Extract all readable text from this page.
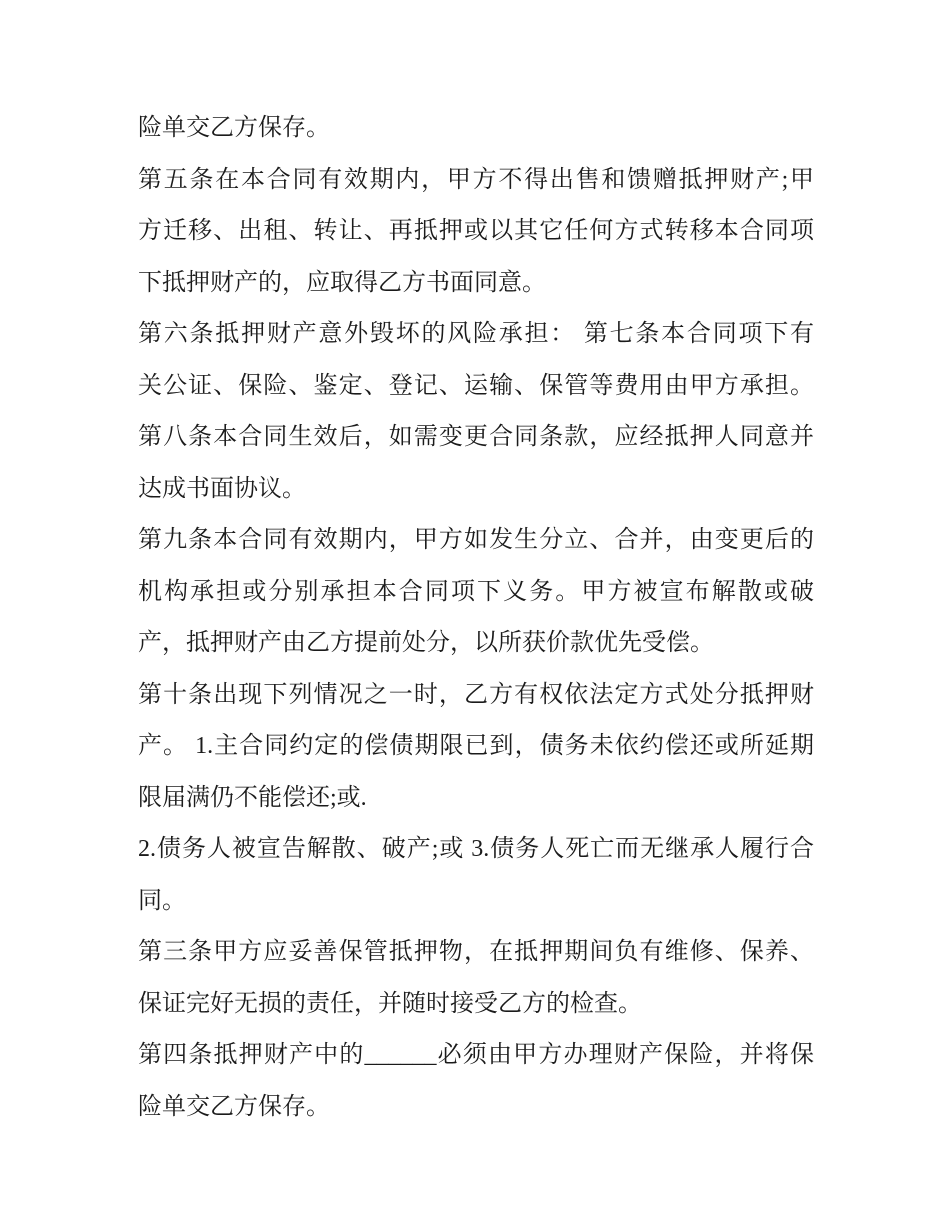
险单交乙方保存。
第五条在本合同有效期内，甲方不得出售和馈赠抵押财产;甲
方迁移、出租、转让、再抵押或以其它任何方式转移本合同项
下抵押财产的，应取得乙方书面同意。
第六条抵押财产意外毁坏的风险承担： 第七条本合同项下有
关公证、保险、鉴定、登记、运输、保管等费用由甲方承担。
第八条本合同生效后，如需变更合同条款，应经抵押人同意并
达成书面协议。
第九条本合同有效期内，甲方如发生分立、合并，由变更后的
机构承担或分别承担本合同项下义务。甲方被宣布解散或破
产，抵押财产由乙方提前处分，以所获价款优先受偿。
第十条出现下列情况之一时，乙方有权依法定方式处分抵押财
产。 1.主合同约定的偿债期限已到，债务未依约偿还或所延期
限届满仍不能偿还;或.
2.债务人被宣告解散、破产;或 3.债务人死亡而无继承人履行合
同。
第三条甲方应妥善保管抵押物，在抵押期间负有维修、保养、
保证完好无损的责任，并随时接受乙方的检查。
第四条抵押财产中的______必须由甲方办理财产保险，并将保
险单交乙方保存。
